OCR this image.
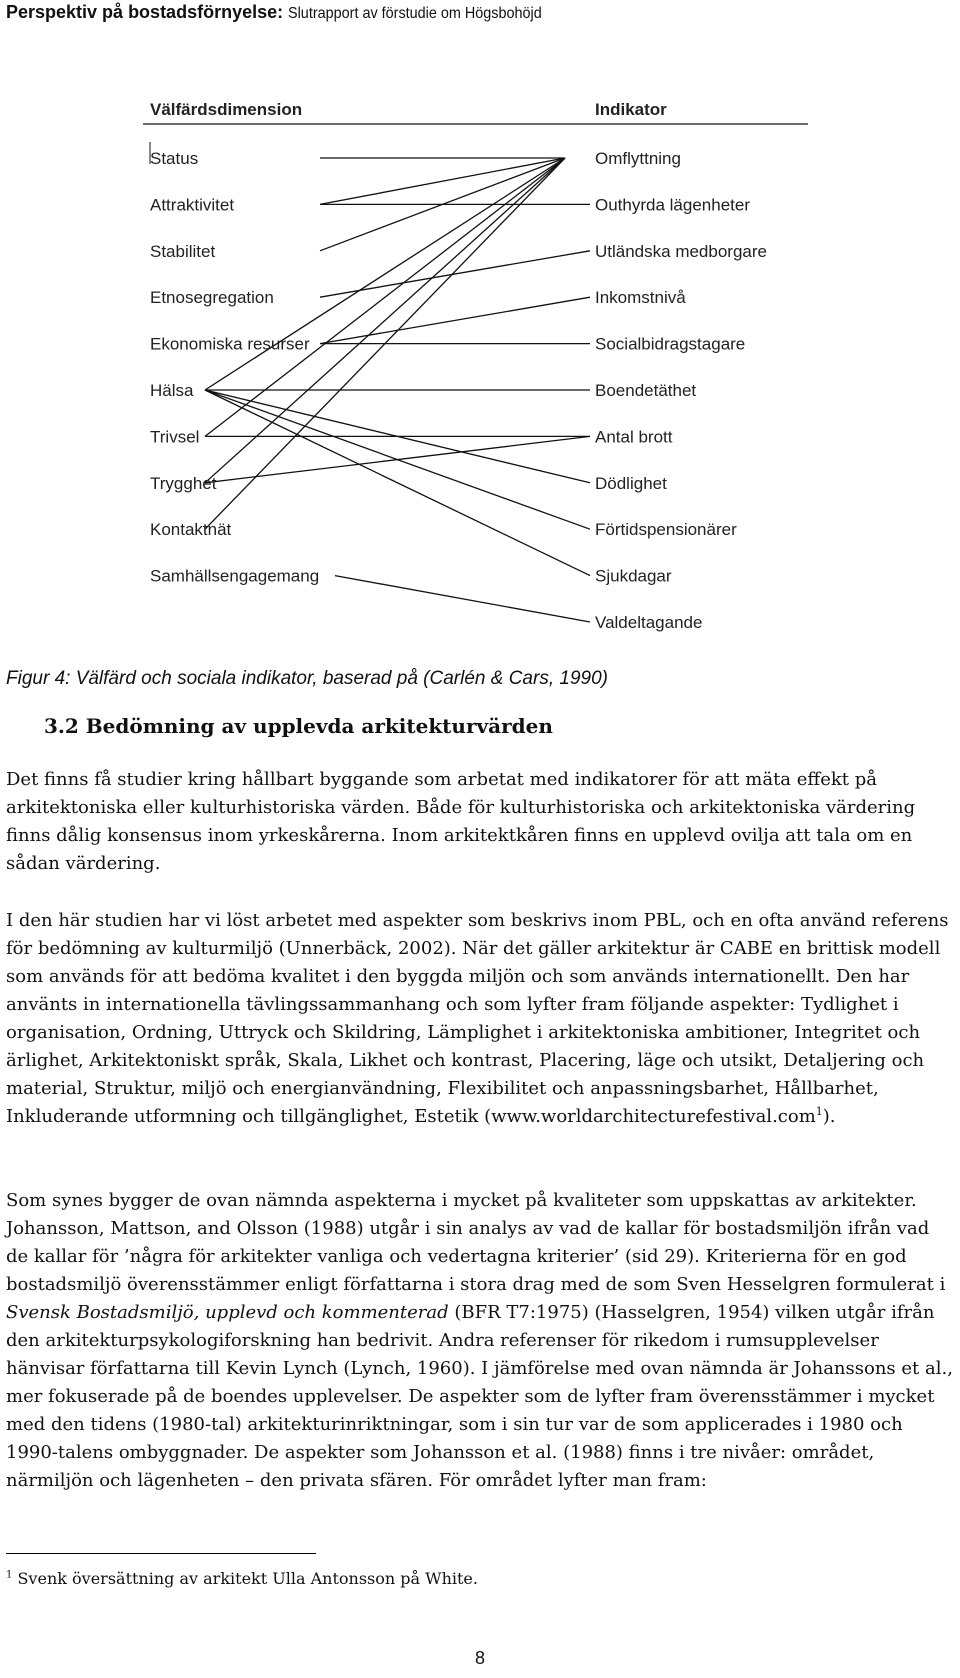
Perspektiv på bostadsförnyelse: Slutrapport av förstudie om Högsbohöjd
Välfärdsdimension	Indikator
Status
Attraktivitet
Stabilitet
Etnosegregation
Ekonomiska resurser
Hälsa
Trivsel
Trygghet
Kontaktnät
Samhällsengagemang
Omflyttning
Outhyrda lägenheter
Utländska medborgare
Inkomstnivå
Socialbidragstagare
Boendetäthet
Antal brott
Dödlighet
Förtidspensionärer
Sjukdagar
Valdeltagande
Figur 4: Välfärd och sociala indikator, baserad på (Carlén & Cars, 1990)
3.2 Bedömning av upplevda arkitekturvärden

Det finns få studier kring hållbart byggande som arbetat med indikatorer för att mäta effekt på arkitektoniska eller kulturhistoriska värden. Både för kulturhistoriska och arkitektoniska värdering finns dålig konsensus inom yrkeskårerna. Inom arkitektkåren finns en upplevd ovilja att tala om en sådan värdering.

I den här studien har vi löst arbetet med aspekter som beskrivs inom PBL, och en ofta använd referens för bedömning av kulturmiljö (Unnerbäck, 2002). När det gäller arkitektur är CABE en brittisk modell som används för att bedöma kvalitet i den byggda miljön och som används internationellt. Den har använts in internationella tävlingssammanhang och som lyfter fram följande aspekter: Tydlighet i organisation, Ordning, Uttryck och Skildring, Lämplighet i arkitektoniska ambitioner, Integritet och ärlighet, Arkitektoniskt språk, Skala, Likhet och kontrast, Placering, läge och utsikt, Detaljering och material, Struktur, miljö och energianvändning, Flexibilitet och anpassningsbarhet, Hållbarhet, Inkluderande utformning och tillgänglighet, Estetik (www.worldarchitecturefestival.com$^1$).

Som synes bygger de ovan nämnda aspekterna i mycket på kvaliteter som uppskattas av arkitekter. Johansson, Mattson, and Olsson (1988) utgår i sin analys av vad de kallar för bostadsmiljön ifrån vad de kallar för ’några för arkitekter vanliga och vedertagna kriterier’ (sid 29). Kriterierna för en god bostadsmiljö överensstämmer enligt författarna i stora drag med de som Sven Hesselgren formulerat i Svensk Bostadsmiljö, upplevd och kommenterad (BFR T7:1975) (Hasselgren, 1954) vilken utgår ifrån den arkitekturpsykologiforskning han bedrivit. Andra referenser för rikedom i rumsupplevelser hänvisar författarna till Kevin Lynch (Lynch, 1960). I jämförelse med ovan nämnda är Johanssons et al., mer fokuserade på de boendes upplevelser. De aspekter som de lyfter fram överensstämmer i mycket med den tidens (1980-tal) arkitekturinriktningar, som i sin tur var de som applicerades i 1980 och 1990-talens ombyggnader. De aspekter som Johansson et al. (1988) finns i tre nivåer: området, närmiljön och lägenheten – den privata sfären. För området lyfter man fram:

$^1$ Svenk översättning av arkitekt Ulla Antonsson på White.
8
